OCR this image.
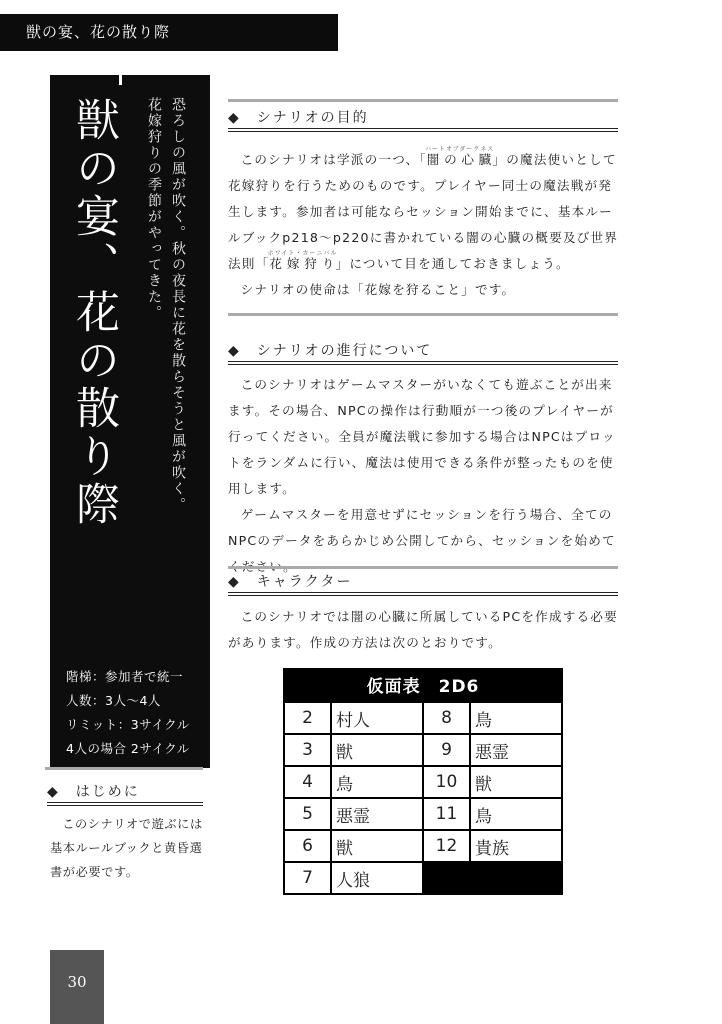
獣の宴、花の散り際
獣の宴、花の散り際	恐ろしの風が吹く。秋の夜長に花を散らそうと風が吹く。
花嫁狩りの季節がやってきた。
階梯：参加者で統一
人数：3人～4人
リミット：3サイクル
4人の場合 2サイクル
◆　はじめに

このシナリオで遊ぶには基本ルールブックと黄昏選書が必要です。

◆　シナリオの目的

このシナリオは学派の一つ、「闇の心臓ハートオブダークネス」の魔法使いとして花嫁狩りを行うためのものです。プレイヤー同士の魔法戦が発生します。参加者は可能ならセッション開始までに、基本ルールブックp218～p220に書かれている闇の心臓の概要及び世界法則「花嫁狩りホワイト・カーニバル」について目を通しておきましょう。

シナリオの使命は「花嫁を狩ること」です。

◆　シナリオの進行について

このシナリオはゲームマスターがいなくても遊ぶことが出来ます。その場合、NPCの操作は行動順が一つ後のプレイヤーが行ってください。全員が魔法戦に参加する場合はNPCはプロットをランダムに行い、魔法は使用できる条件が整ったものを使用します。

ゲームマスターを用意せずにセッションを行う場合、全てのNPCのデータをあらかじめ公開してから、セッションを始めて

◆　キャラクター

このシナリオでは闇の心臓に所属しているPCを作成する必要があります。作成の方法は次のとおりです。

仮面表　2D6			
2	村人	8	鳥
3	獣	9	悪霊
4	鳥	10	獣
5	悪霊	11	鳥
6	獣	12	貴族
7	人狼		
30
